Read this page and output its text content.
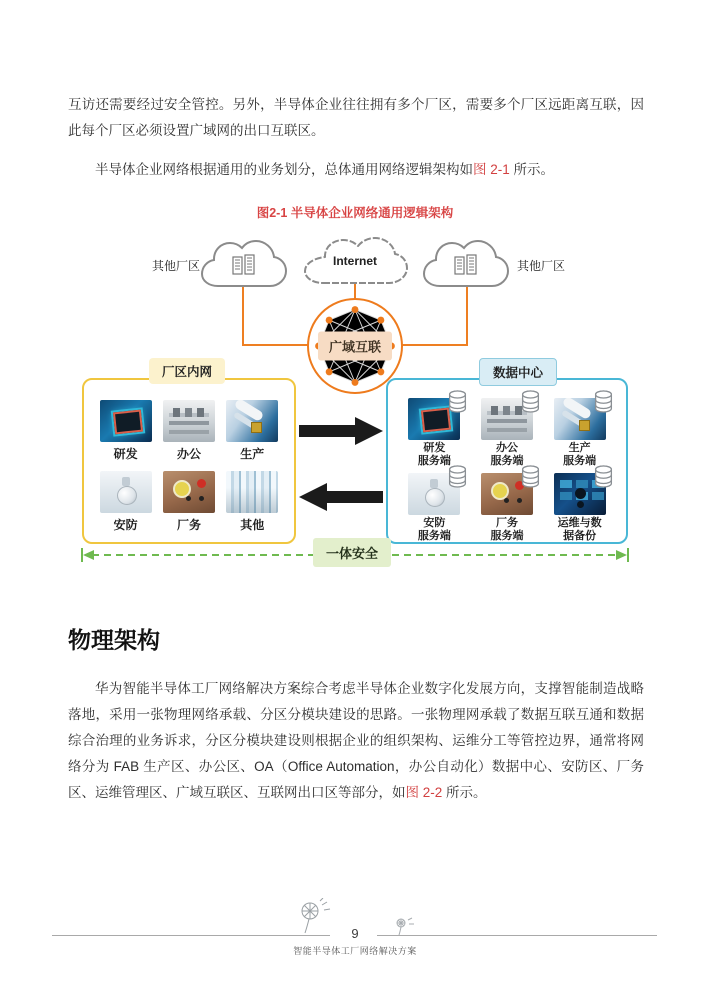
互访还需要经过安全管控。另外，半导体企业往往拥有多个厂区，需要多个厂区远距离互联，因此每个厂区必须设置广域网的出口互联区。

半导体企业网络根据通用的业务划分，总体通用网络逻辑架构如图 2-1 所示。

图2-1 半导体企业网络通用逻辑架构
其他厂区	Internet	其他厂区
广域互联
厂区内网
研发	办公	生产
安防	厂务	其他
数据中心
研发
服务端
办公
服务端
生产
服务端
安防
服务端
厂务
服务端
运维与数
据备份
一体安全
物理架构

华为智能半导体工厂网络解决方案综合考虑半导体企业数字化发展方向，支撑智能制造战略落地，采用一张物理网络承载、分区分模块建设的思路。一张物理网承载了数据互联互通和数据综合治理的业务诉求，分区分模块建设则根据企业的组织架构、运维分工等管控边界，通常将网络分为 FAB 生产区、办公区、OA（Office Automation，办公自动化）数据中心、安防区、厂务区、运维管理区、广域互联区、互联网出口区等部分，如图 2-2 所示。

9
智能半导体工厂网络解决方案
